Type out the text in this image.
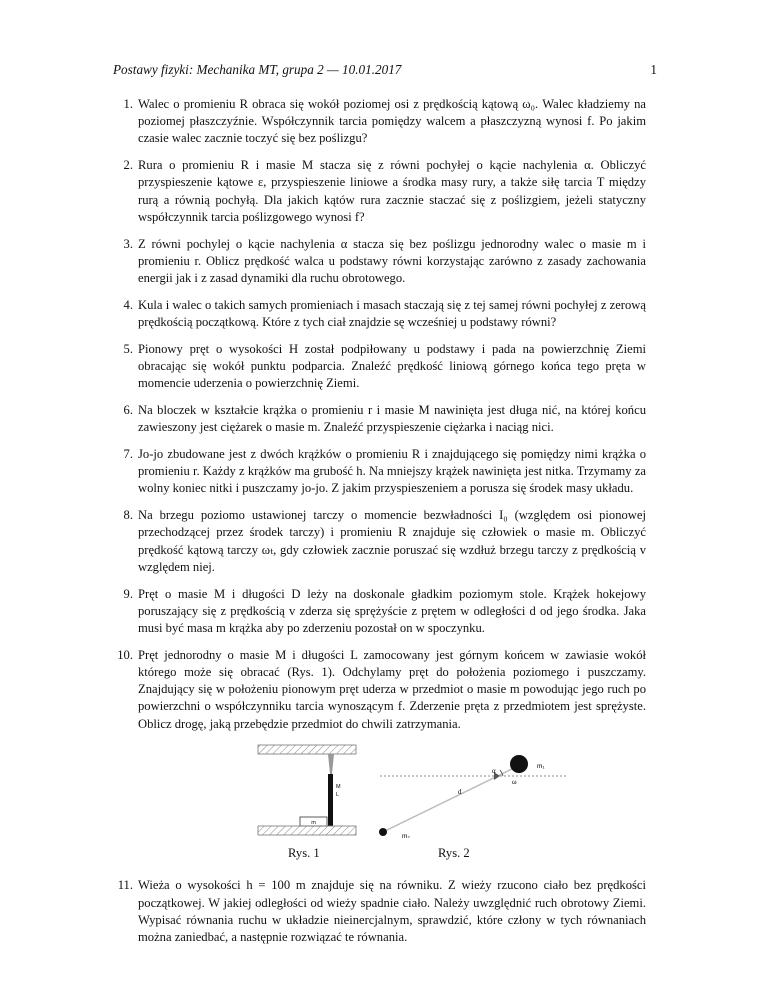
Postawy fizyki: Mechanika MT, grupa 2 — 10.01.2017	1
1. Walec o promieniu R obraca się wokół poziomej osi z prędkością kątową ω₀. Walec kładziemy na poziomej płaszczyźnie. Współczynnik tarcia pomiędzy walcem a płaszczyzną wynosi f. Po jakim czasie walec zacznie toczyć się bez poślizgu?
2. Rura o promieniu R i masie M stacza się z równi pochyłej o kącie nachylenia α. Obliczyć przyspieszenie kątowe ε, przyspieszenie liniowe a środka masy rury, a także siłę tarcia T między rurą a równią pochyłą. Dla jakich kątów rura zacznie staczać się z poślizgiem, jeżeli statyczny współczynnik tarcia poślizgowego wynosi f?
3. Z równi pochylej o kącie nachylenia α stacza się bez poślizgu jednorodny walec o masie m i promieniu r. Oblicz prędkość walca u podstawy równi korzystając zarówno z zasady zachowania energii jak i z zasad dynamiki dla ruchu obrotowego.
4. Kula i walec o takich samych promieniach i masach staczają się z tej samej równi pochyłej z zerową prędkością początkową. Które z tych ciał znajdzie sę wcześniej u podstawy równi?
5. Pionowy pręt o wysokości H został podpiłowany u podstawy i pada na powierzchnię Ziemi obracając się wokół punktu podparcia. Znaleźć prędkość liniową górnego końca tego pręta w momencie uderzenia o powierzchnię Ziemi.
6. Na bloczek w kształcie krążka o promieniu r i masie M nawinięta jest długa nić, na której końcu zawieszony jest ciężarek o masie m. Znaleźć przyspieszenie ciężarka i naciąg nici.
7. Jo-jo zbudowane jest z dwóch krążków o promieniu R i znajdującego się pomiędzy nimi krążka o promieniu r. Każdy z krążków ma grubość h. Na mniejszy krążek nawinięta jest nitka. Trzymamy za wolny koniec nitki i puszczamy jo-jo. Z jakim przyspieszeniem a porusza się środek masy układu.
8. Na brzegu poziomo ustawionej tarczy o momencie bezwładności I₀ (względem osi pionowej przechodzącej przez środek tarczy) i promieniu R znajduje się człowiek o masie m. Obliczyć prędkość kątową tarczy ωₜ, gdy człowiek zacznie poruszać się wzdłuż brzegu tarczy z prędkością v względem niej.
9. Pręt o masie M i długości D leży na doskonale gładkim poziomym stole. Krążek hokejowy poruszający się z prędkością v zderza się sprężyście z prętem w odległości d od jego środka. Jaka musi być masa m krążka aby po zderzeniu pozostał on w spoczynku.
10. Pręt jednorodny o masie M i długości L zamocowany jest górnym końcem w zawiasie wokół którego może się obracać (Rys. 1). Odchylamy pręt do położenia poziomego i puszczamy. Znajdujący się w położeniu pionowym pręt uderza w przedmiot o masie m powodując jego ruch po powierzchni o współczynniku tarcia wynoszącym f. Zderzenie pręta z przedmiotem jest sprężyste. Oblicz drogę, jaką przebędzie przedmiot do chwili zatrzymania.
M
L
m
Rys. 1
m₁
α
ω
d
m₂
Rys. 2
11. Wieża o wysokości h = 100 m znajduje się na równiku. Z wieży rzucono ciało bez prędkości początkowej. W jakiej odległości od wieży spadnie ciało. Należy uwzględnić ruch obrotowy Ziemi. Wypisać równania ruchu w układzie nieinercjalnym, sprawdzić, które człony w tych równaniach można zaniedbać, a następnie rozwiązać te równania.
